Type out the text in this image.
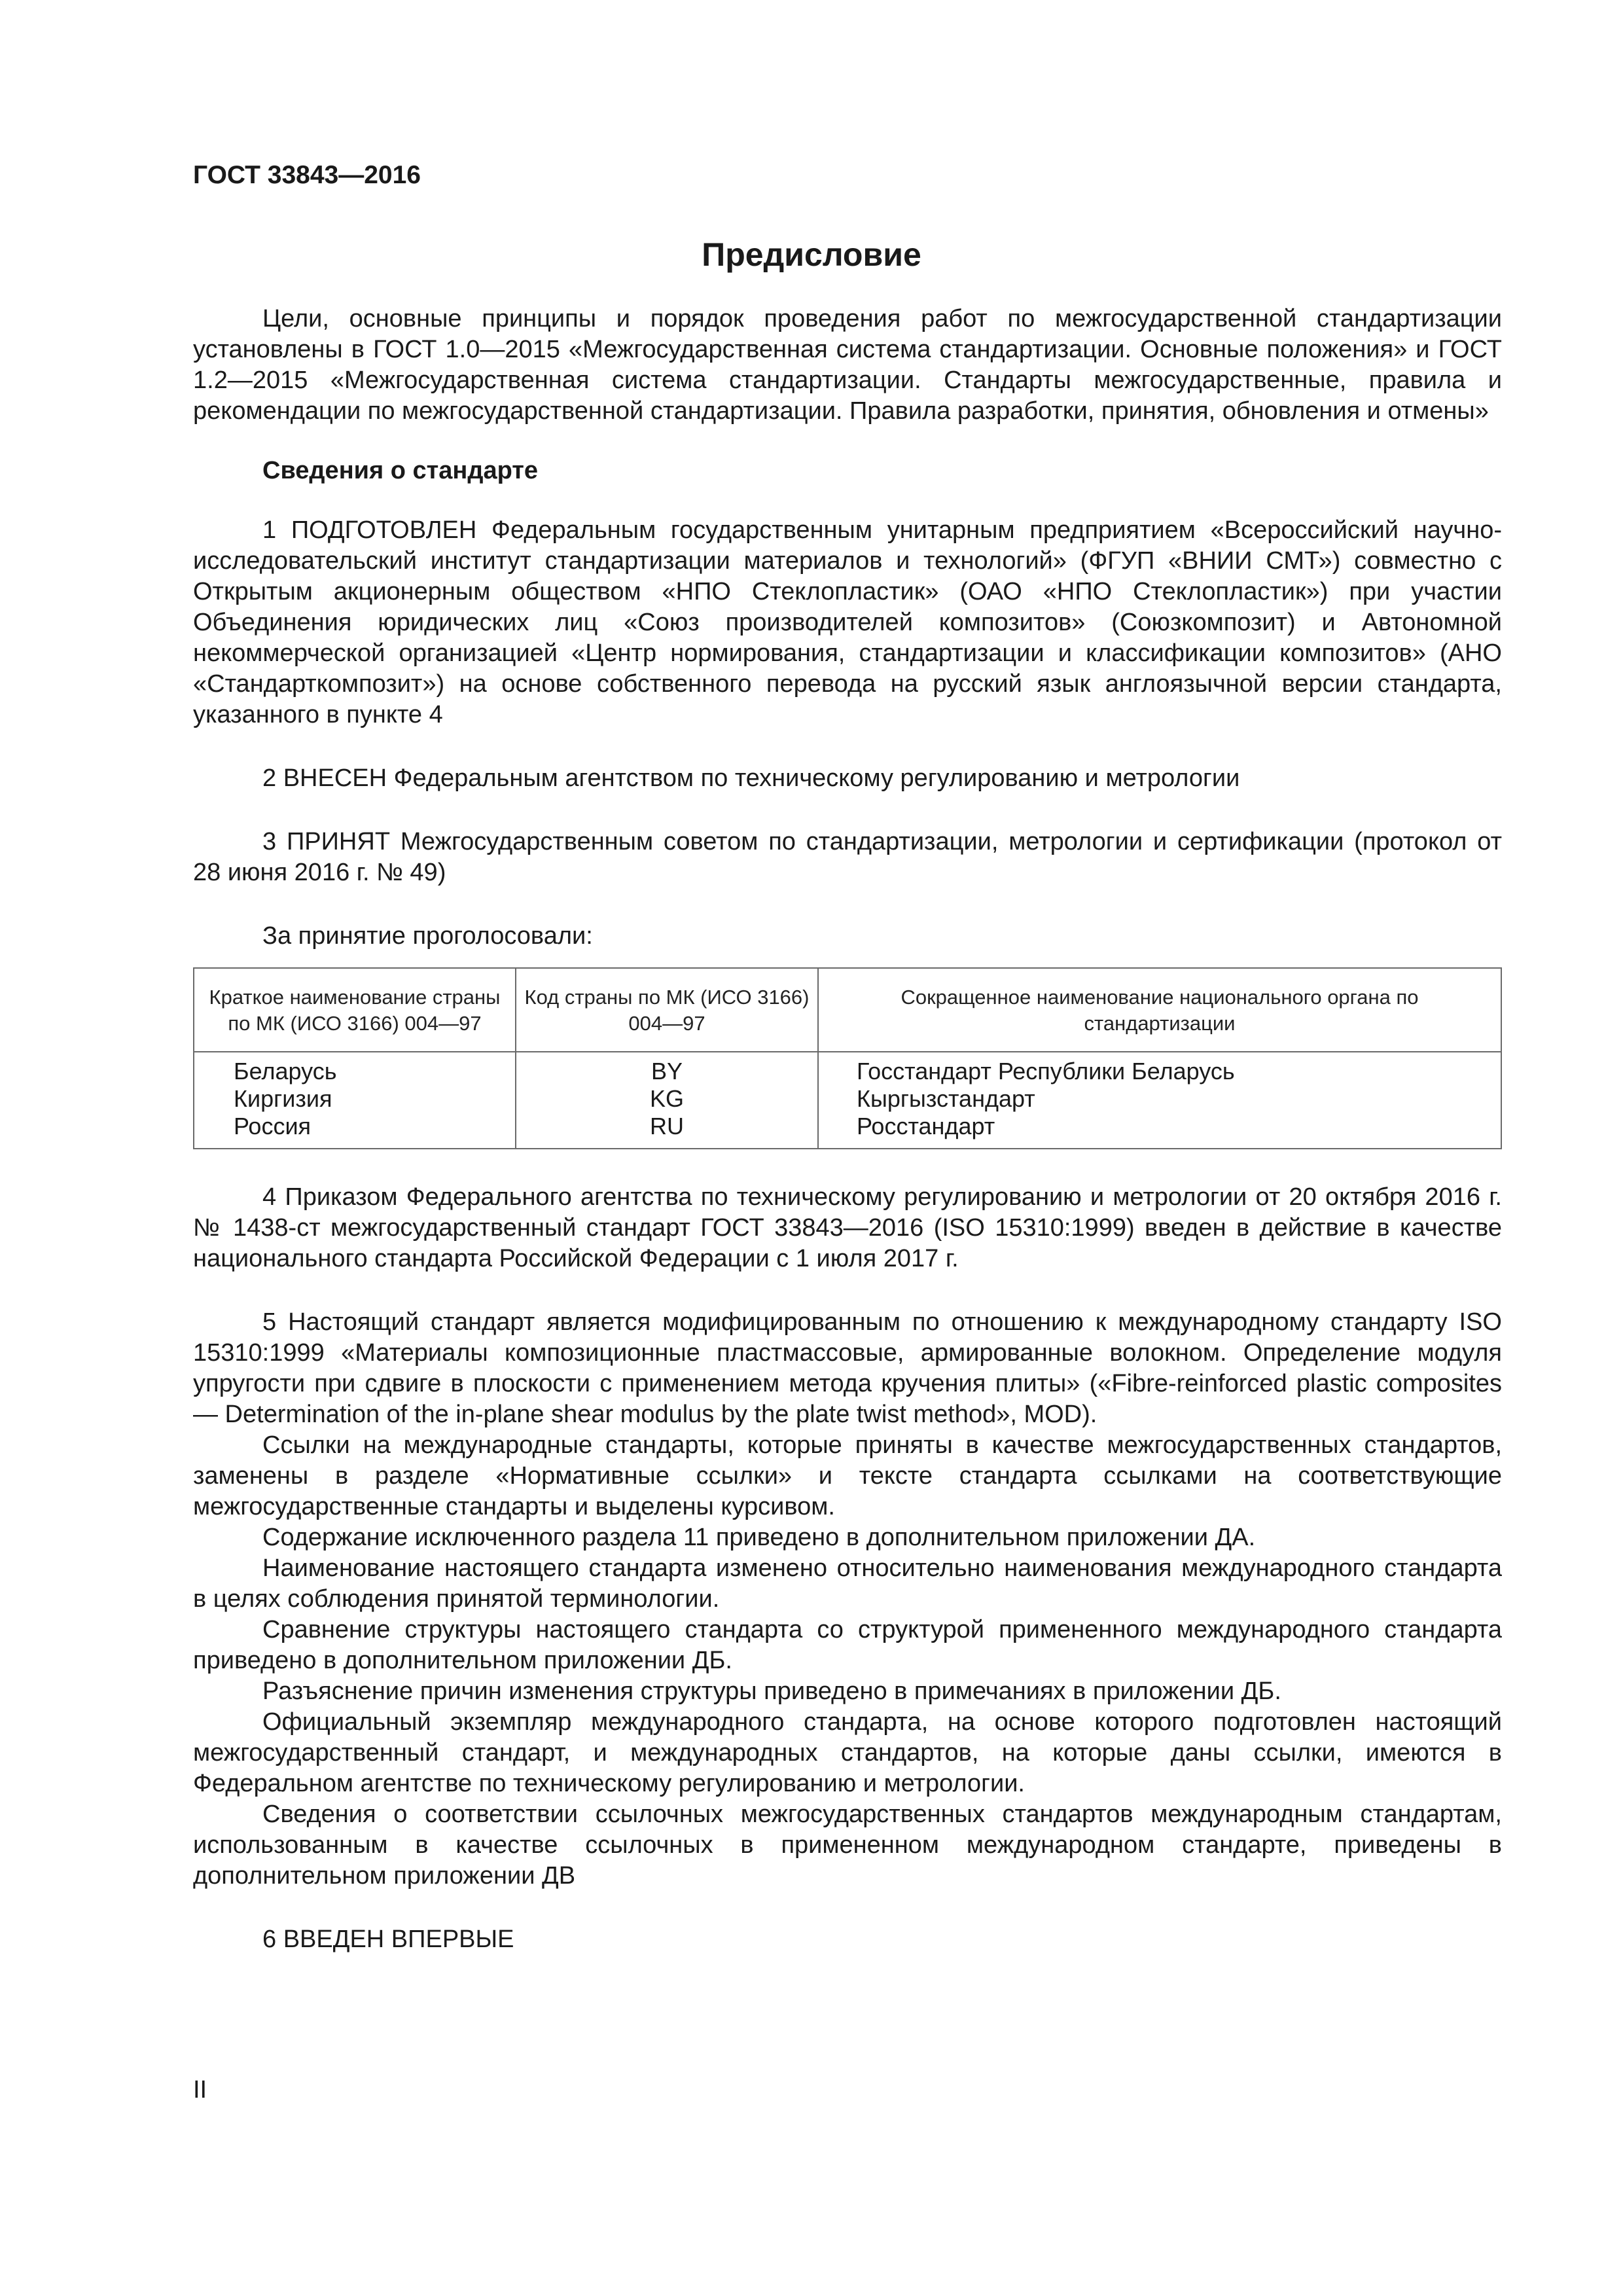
ГОСТ 33843—2016
Предисловие

Цели, основные принципы и порядок проведения работ по межгосударственной стандартизации установлены в ГОСТ 1.0—2015 «Межгосударственная система стандартизации. Основные положения» и ГОСТ 1.2—2015 «Межгосударственная система стандартизации. Стандарты межгосударственные, правила и рекомендации по межгосударственной стандартизации. Правила разработки, принятия, обновления и отмены»

Сведения о стандарте

1 ПОДГОТОВЛЕН Федеральным государственным унитарным предприятием «Всероссийский научно-исследовательский институт стандартизации материалов и технологий» (ФГУП «ВНИИ СМТ») совместно с Открытым акционерным обществом «НПО Стеклопластик» (ОАО «НПО Стеклопластик») при участии Объединения юридических лиц «Союз производителей композитов» (Союзкомпозит) и Автономной некоммерческой организацией «Центр нормирования, стандартизации и классификации композитов» (АНО «Стандарткомпозит») на основе собственного перевода на русский язык англоязычной версии стандарта, указанного в пункте 4

2 ВНЕСЕН Федеральным агентством по техническому регулированию и метрологии

3 ПРИНЯТ Межгосударственным советом по стандартизации, метрологии и сертификации (протокол от 28 июня 2016 г. № 49)

За принятие проголосовали:

Краткое наименование страны по МК (ИСО 3166) 004—97	Код страны по МК (ИСО 3166) 004—97	Сокращенное наименование национального органа по стандартизации
Беларусь	BY	Госстандарт Республики Беларусь
Киргизия	KG	Кыргызстандарт
Россия	RU	Росстандарт

4 Приказом Федерального агентства по техническому регулированию и метрологии от 20 октября 2016 г. № 1438-ст межгосударственный стандарт ГОСТ 33843—2016 (ISO 15310:1999) введен в действие в качестве национального стандарта Российской Федерации с 1 июля 2017 г.

5 Настоящий стандарт является модифицированным по отношению к международному стандарту ISO 15310:1999 «Материалы композиционные пластмассовые, армированные волокном. Определение модуля упругости при сдвиге в плоскости с применением метода кручения плиты» («Fibre-reinforced plastic composites — Determination of the in-plane shear modulus by the plate twist method», MOD).

Ссылки на международные стандарты, которые приняты в качестве межгосударственных стандартов, заменены в разделе «Нормативные ссылки» и тексте стандарта ссылками на соответствующие межгосударственные стандарты и выделены курсивом.

Содержание исключенного раздела 11 приведено в дополнительном приложении ДА.

Наименование настоящего стандарта изменено относительно наименования международного стандарта в целях соблюдения принятой терминологии.

Сравнение структуры настоящего стандарта со структурой примененного международного стандарта приведено в дополнительном приложении ДБ.

Разъяснение причин изменения структуры приведено в примечаниях в приложении ДБ.

Официальный экземпляр международного стандарта, на основе которого подготовлен настоящий межгосударственный стандарт, и международных стандартов, на которые даны ссылки, имеются в Федеральном агентстве по техническому регулированию и метрологии.

Сведения о соответствии ссылочных межгосударственных стандартов международным стандартам, использованным в качестве ссылочных в примененном международном стандарте, приведены в дополнительном приложении ДВ

6 ВВЕДЕН ВПЕРВЫЕ

II
